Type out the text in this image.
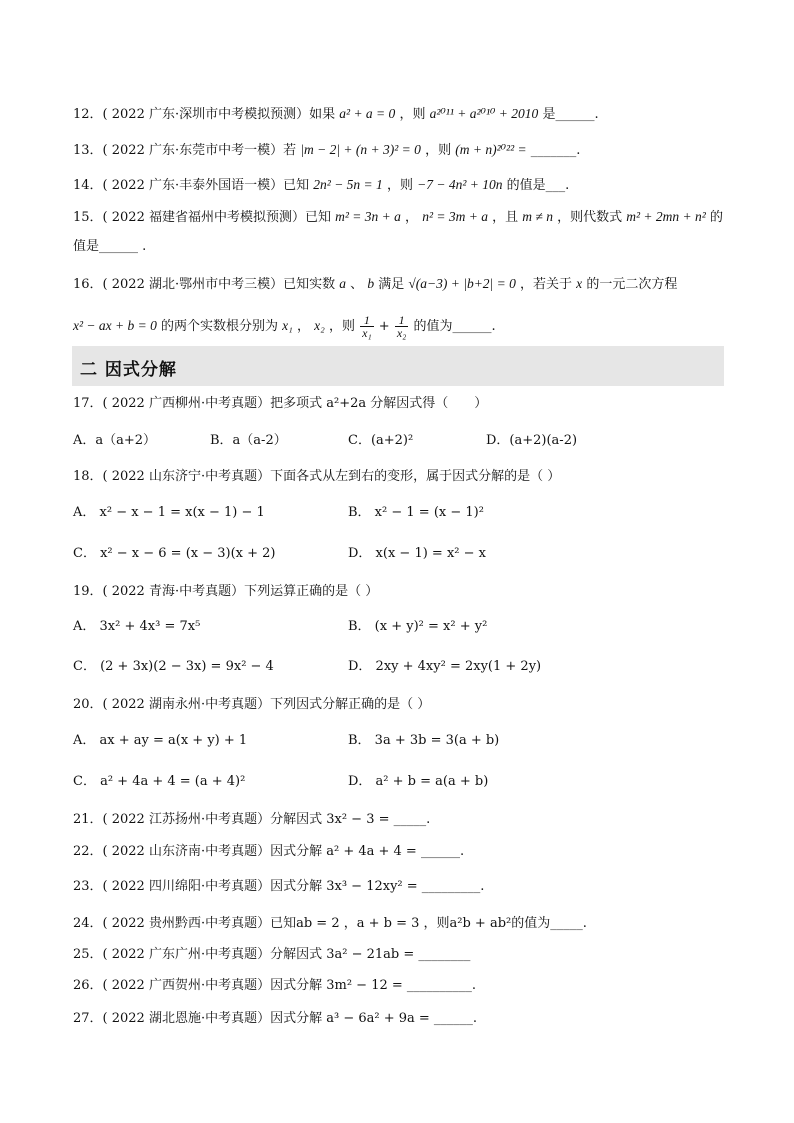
12．( 2022 广东·深圳市中考模拟预测）如果 a² + a = 0 ，则 a²⁰¹¹ + a²⁰¹⁰ + 2010 是______.
13．( 2022 广东·东莞市中考一模）若 |m − 2| + (n + 3)² = 0 ，则 (m + n)²⁰²² = _______.
14．( 2022 广东·丰泰外国语一模）已知 2n² − 5n = 1 ，则 −7 − 4n² + 10n 的值是___.
15．( 2022 福建省福州中考模拟预测）已知 m² = 3n + a ， n² = 3m + a ，且 m ≠ n ，则代数式 m² + 2mn + n² 的
值是______ .
16．( 2022 湖北·鄂州市中考三模）已知实数 a 、 b 满足 √(a−3) + |b+2| = 0 ，若关于 x 的一元二次方程
x² − ax + b = 0 的两个实数根分别为 x₁ ， x₂ ，则 $\frac{1}{\text{x₁}} + \frac{1}{\text{x₂}}$ 的值为______.
二 因式分解
17．( 2022 广西柳州·中考真题）把多项式 a²+2a 分解因式得（　　）
A．a（a+2）	B．a（a-2）	C．(a+2)²	D．(a+2)(a-2)
18．( 2022 山东济宁·中考真题）下面各式从左到右的变形，属于因式分解的是（ ）
A． x² − x − 1 = x(x − 1) − 1	B． x² − 1 = (x − 1)²
C． x² − x − 6 = (x − 3)(x + 2)	D． x(x − 1) = x² − x
19．( 2022 青海·中考真题）下列运算正确的是（ ）
A． 3x² + 4x³ = 7x⁵	B． (x + y)² = x² + y²
C． (2 + 3x)(2 − 3x) = 9x² − 4	D． 2xy + 4xy² = 2xy(1 + 2y)
20．( 2022 湖南永州·中考真题）下列因式分解正确的是（ ）
A． ax + ay = a(x + y) + 1	B． 3a + 3b = 3(a + b)
C． a² + 4a + 4 = (a + 4)²	D． a² + b = a(a + b)
21．( 2022 江苏扬州·中考真题）分解因式 3x² − 3 = _____.
22．( 2022 山东济南·中考真题）因式分解 a² + 4a + 4 = ______.
23．( 2022 四川绵阳·中考真题）因式分解 3x³ − 12xy² = _________.
24．( 2022 贵州黔西·中考真题）已知ab = 2 ，a + b = 3 ，则a²b + ab²的值为_____.
25．( 2022 广东广州·中考真题）分解因式 3a² − 21ab = ________
26．( 2022 广西贺州·中考真题）因式分解 3m² − 12 = __________.
27．( 2022 湖北恩施·中考真题）因式分解 a³ − 6a² + 9a = ______.
